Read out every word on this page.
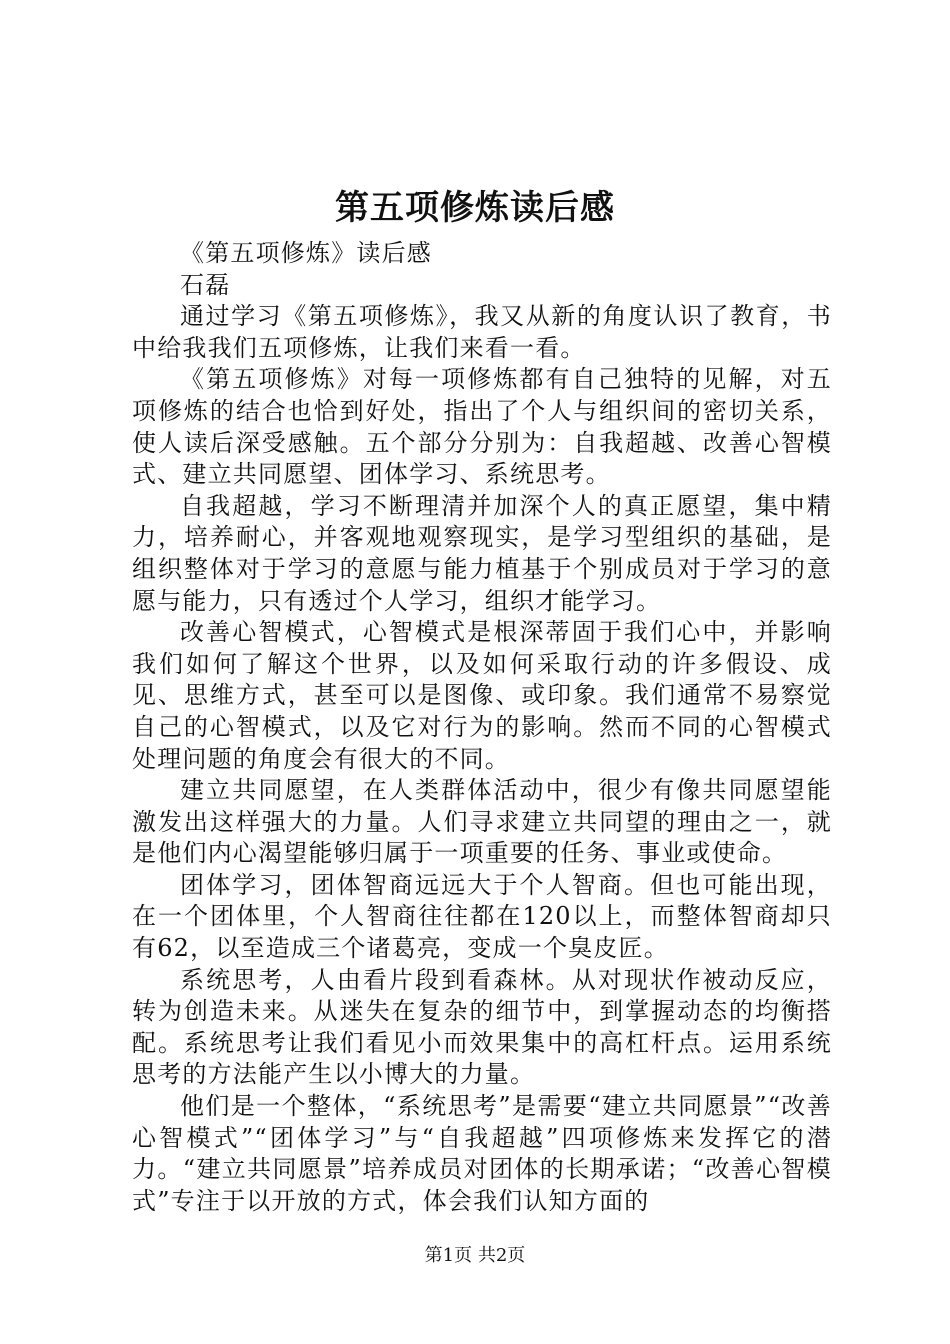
第五项修炼读后感

《第五项修炼》读后感

石磊

通过学习《第五项修炼》，我又从新的角度认识了教育，书中给我我们五项修炼，让我们来看一看。

《第五项修炼》对每一项修炼都有自己独特的见解，对五项修炼的结合也恰到好处，指出了个人与组织间的密切关系，使人读后深受感触。五个部分分别为：自我超越、改善心智模式、建立共同愿望、团体学习、系统思考。

自我超越，学习不断理清并加深个人的真正愿望，集中精力，培养耐心，并客观地观察现实，是学习型组织的基础，是组织整体对于学习的意愿与能力植基于个别成员对于学习的意愿与能力，只有透过个人学习，组织才能学习。

改善心智模式，心智模式是根深蒂固于我们心中，并影响我们如何了解这个世界，以及如何采取行动的许多假设、成见、思维方式，甚至可以是图像、或印象。我们通常不易察觉自己的心智模式，以及它对行为的影响。然而不同的心智模式处理问题的角度会有很大的不同。

建立共同愿望，在人类群体活动中，很少有像共同愿望能激发出这样强大的力量。人们寻求建立共同望的理由之一，就是他们内心渴望能够归属于一项重要的任务、事业或使命。

团体学习，团体智商远远大于个人智商。但也可能出现，在一个团体里，个人智商往往都在120以上，而整体智商却只有62，以至造成三个诸葛亮，变成一个臭皮匠。

系统思考，人由看片段到看森林。从对现状作被动反应，转为创造未来。从迷失在复杂的细节中，到掌握动态的均衡搭配。系统思考让我们看见小而效果集中的高杠杆点。运用系统思考的方法能产生以小博大的力量。

他们是一个整体，“系统思考”是需要“建立共同愿景”“改善心智模式”“团体学习”与“自我超越”四项修炼来发挥它的潜力。“建立共同愿景”培养成员对团体的长期承诺；“改善心智模式”专注于以开放的方式，体会我们认知方面的

第1页 共2页
